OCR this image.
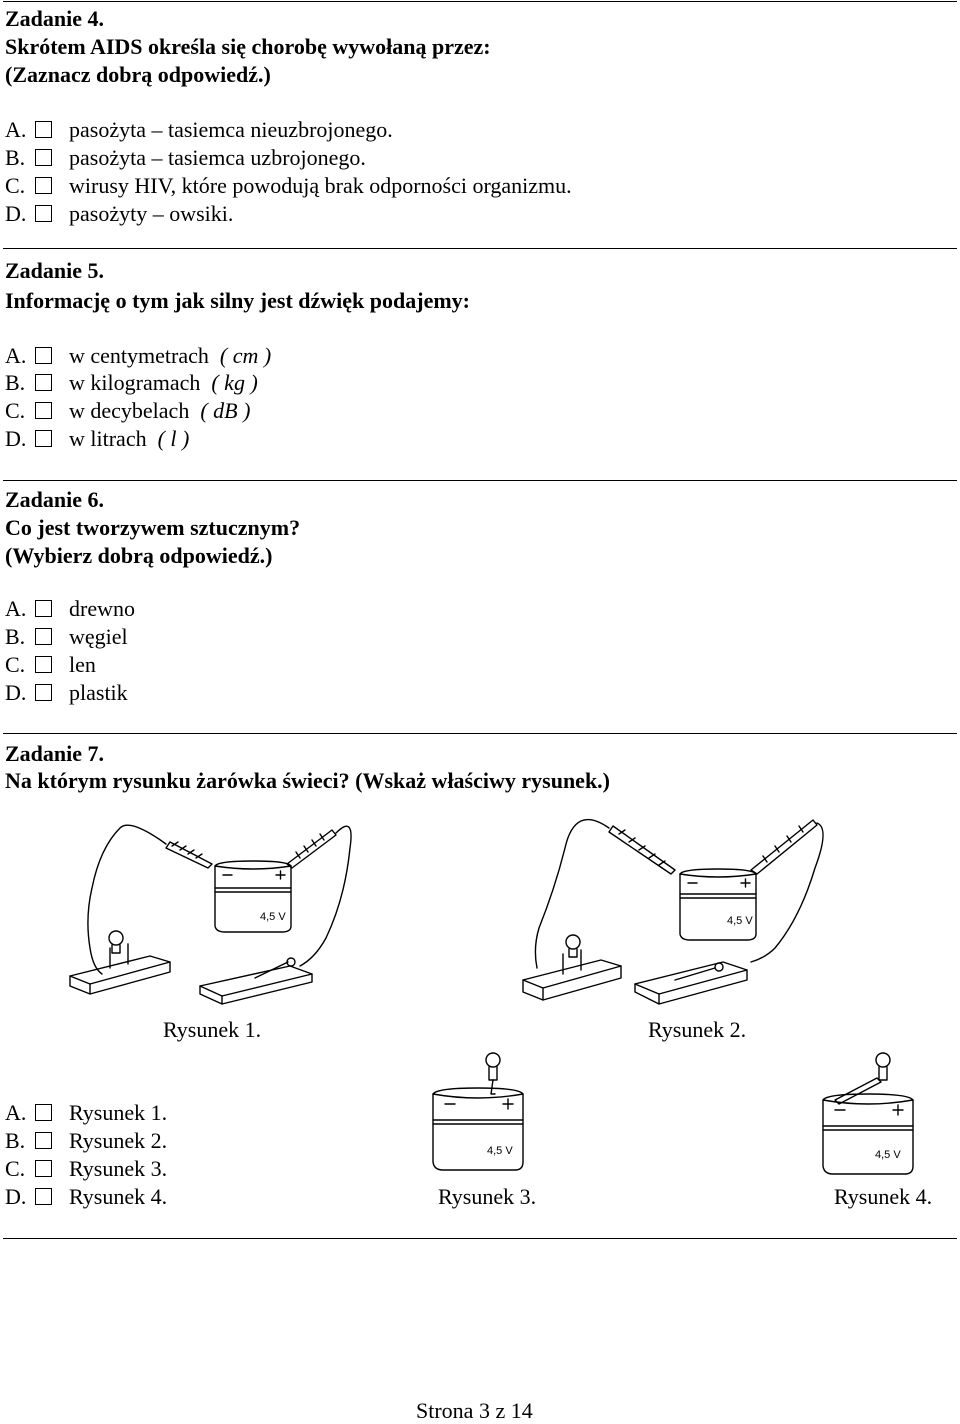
Zadanie 4.
Skrótem AIDS określa się chorobę wywołaną przez:
(Zaznacz dobrą odpowiedź.)
A. pasożyta – tasiemca nieuzbrojonego.
B. pasożyta – tasiemca uzbrojonego.
C. wirusy HIV, które powodują brak odporności organizmu.
D. pasożyty – owsiki.
Zadanie 5.
Informację o tym jak silny jest dźwięk podajemy:
A. w centymetrach ( cm )
B. w kilogramach ( kg )
C. w decybelach ( dB )
D. w litrach ( l )
Zadanie 6.
Co jest tworzywem sztucznym?
(Wybierz dobrą odpowiedź.)
A. drewno
B. węgiel
C. len
D. plastik
Zadanie 7.
Na którym rysunku żarówka świeci? (Wskaż właściwy rysunek.)
4,5 V
Rysunek 1.
4,5 V
Rysunek 2.
4,5 V
Rysunek 3.
4,5 V
Rysunek 4.
A. Rysunek 1.
B. Rysunek 2.
C. Rysunek 3.
D. Rysunek 4.
Strona 3 z 14
